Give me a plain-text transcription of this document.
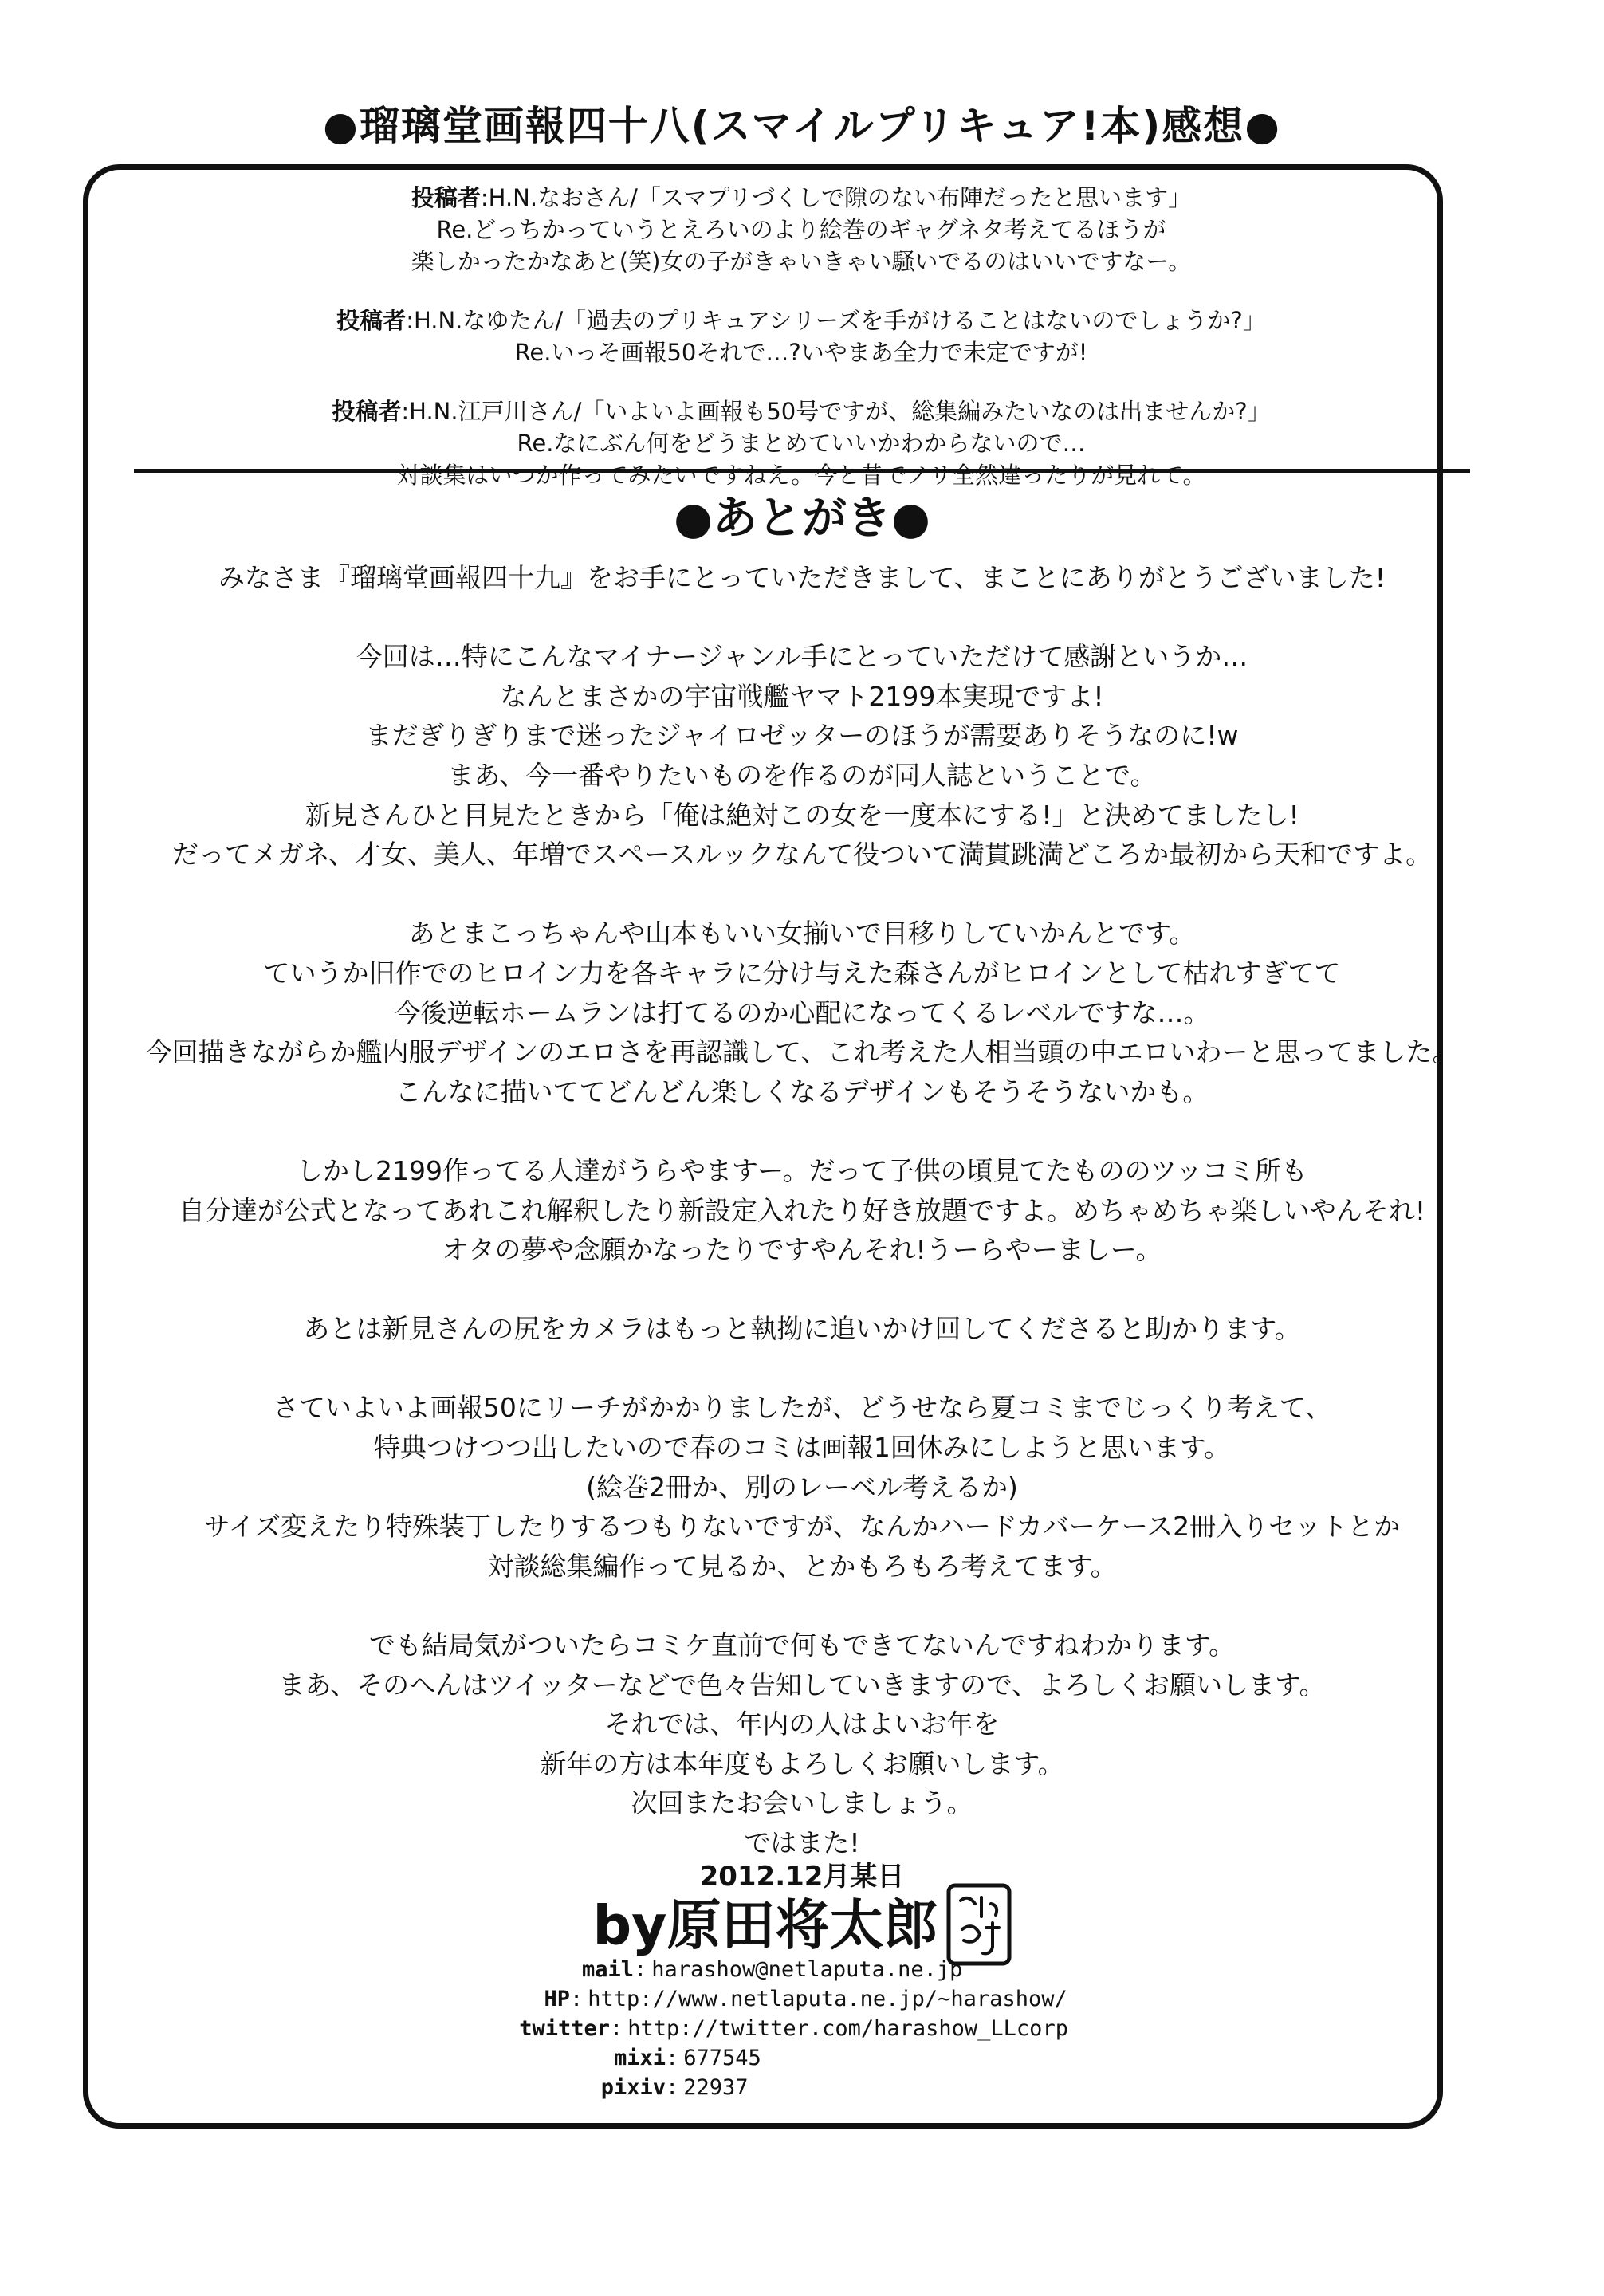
●瑠璃堂画報四十八(スマイルプリキュア!本)感想●
投稿者:H.N.なおさん/「スマプリづくしで隙のない布陣だったと思います」
Re.どっちかっていうとえろいのより絵巻のギャグネタ考えてるほうが
楽しかったかなあと(笑)女の子がきゃいきゃい騒いでるのはいいですなー。
投稿者:H.N.なゆたん/「過去のプリキュアシリーズを手がけることはないのでしょうか?」
Re.いっそ画報50それで…?いやまあ全力で未定ですが!
投稿者:H.N.江戸川さん/「いよいよ画報も50号ですが、総集編みたいなのは出ませんか?」
Re.なにぶん何をどうまとめていいかわからないので…
対談集はいつか作ってみたいですねえ。今と昔でノリ全然違ったりが見れて。
●あとがき●

みなさま『瑠璃堂画報四十九』をお手にとっていただきまして、まことにありがとうございました!

今回は…特にこんなマイナージャンル手にとっていただけて感謝というか…
なんとまさかの宇宙戦艦ヤマト2199本実現ですよ!
まだぎりぎりまで迷ったジャイロゼッターのほうが需要ありそうなのに!w
まあ、今一番やりたいものを作るのが同人誌ということで。
新見さんひと目見たときから「俺は絶対この女を一度本にする!」と決めてましたし!
だってメガネ、才女、美人、年増でスペースルックなんて役ついて満貫跳満どころか最初から天和ですよ。

あとまこっちゃんや山本もいい女揃いで目移りしていかんとです。
ていうか旧作でのヒロイン力を各キャラに分け与えた森さんがヒロインとして枯れすぎてて
今後逆転ホームランは打てるのか心配になってくるレベルですな…。
今回描きながらか艦内服デザインのエロさを再認識して、これ考えた人相当頭の中エロいわーと思ってました。
こんなに描いててどんどん楽しくなるデザインもそうそうないかも。

しかし2199作ってる人達がうらやますー。だって子供の頃見てたもののツッコミ所も
自分達が公式となってあれこれ解釈したり新設定入れたり好き放題ですよ。めちゃめちゃ楽しいやんそれ!
オタの夢や念願かなったりですやんそれ!うーらやーましー。

あとは新見さんの尻をカメラはもっと執拗に追いかけ回してくださると助かります。

さていよいよ画報50にリーチがかかりましたが、どうせなら夏コミまでじっくり考えて、
特典つけつつ出したいので春のコミは画報1回休みにしようと思います。
(絵巻2冊か、別のレーベル考えるか)
サイズ変えたり特殊装丁したりするつもりないですが、なんかハードカバーケース2冊入りセットとか
対談総集編作って見るか、とかもろもろ考えてます。

でも結局気がついたらコミケ直前で何もできてないんですねわかります。
まあ、そのへんはツイッターなどで色々告知していきますので、よろしくお願いします。
それでは、年内の人はよいお年を
新年の方は本年度もよろしくお願いします。
次回またお会いしましょう。
ではまた!

2012.12月某日
by原田将太郎
mail: harashow@netlaputa.ne.jp
HP: http://www.netlaputa.ne.jp/~harashow/
twitter: http://twitter.com/harashow_LLcorp
mixi: 677545
pixiv: 22937
